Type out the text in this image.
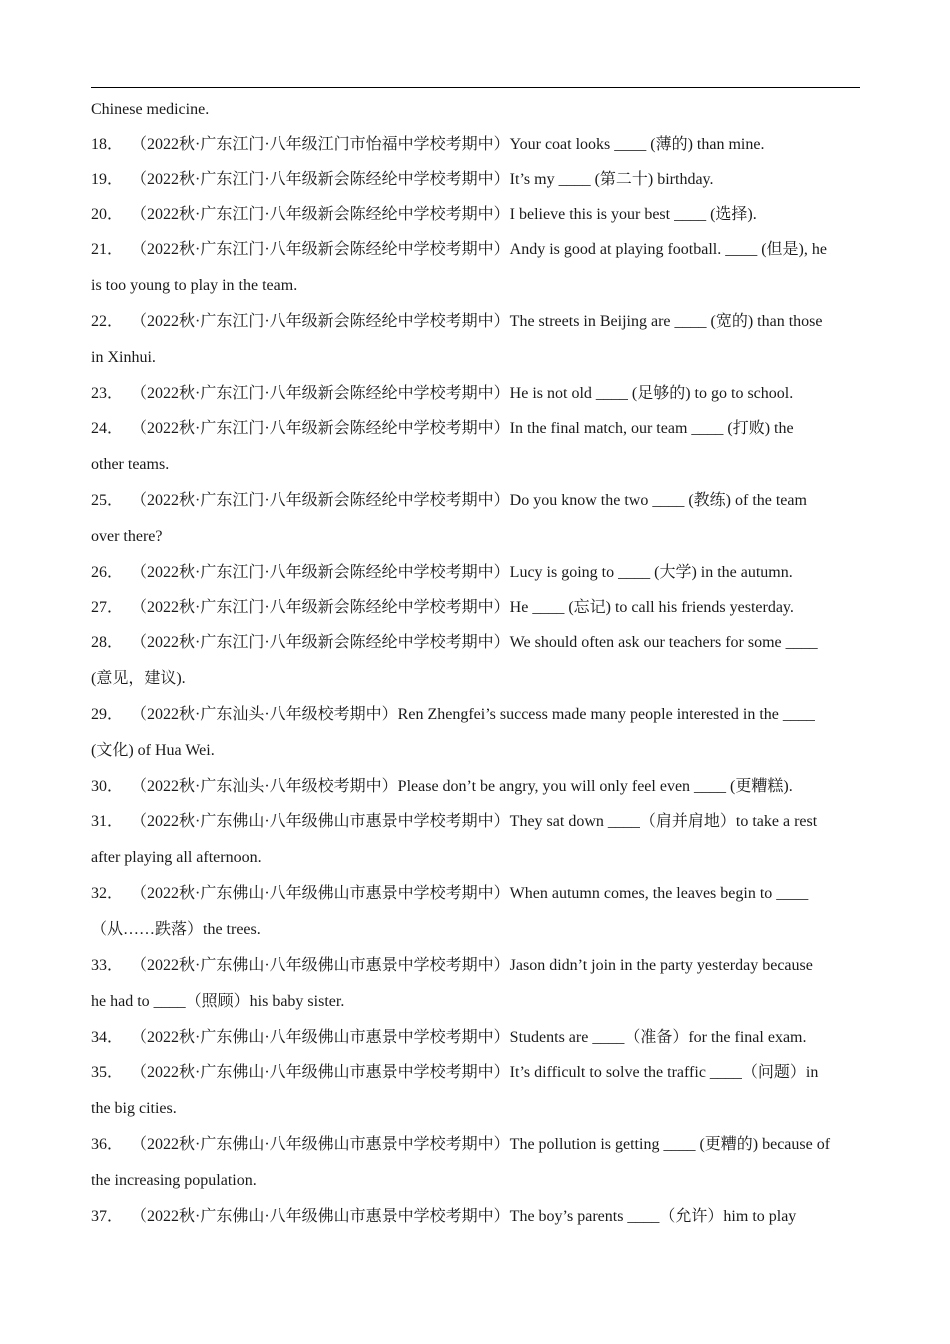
Chinese medicine.
18． （2022秋·广东江门·八年级江门市怡福中学校考期中）Your coat looks ____ (薄的) than mine.
19． （2022秋·广东江门·八年级新会陈经纶中学校考期中）It’s my ____ (第二十) birthday.
20． （2022秋·广东江门·八年级新会陈经纶中学校考期中）I believe this is your best ____ (选择).
21． （2022秋·广东江门·八年级新会陈经纶中学校考期中）Andy is good at playing football. ____ (但是), he
is too young to play in the team.
22． （2022秋·广东江门·八年级新会陈经纶中学校考期中）The streets in Beijing are ____ (宽的) than those
in Xinhui.
23． （2022秋·广东江门·八年级新会陈经纶中学校考期中）He is not old ____ (足够的) to go to school.
24． （2022秋·广东江门·八年级新会陈经纶中学校考期中）In the final match, our team ____ (打败) the
other teams.
25． （2022秋·广东江门·八年级新会陈经纶中学校考期中）Do you know the two ____ (教练) of the team
over there?
26． （2022秋·广东江门·八年级新会陈经纶中学校考期中）Lucy is going to ____ (大学) in the autumn.
27． （2022秋·广东江门·八年级新会陈经纶中学校考期中）He ____ (忘记) to call his friends yesterday.
28． （2022秋·广东江门·八年级新会陈经纶中学校考期中）We should often ask our teachers for some ____
(意见，建议).
29． （2022秋·广东汕头·八年级校考期中）Ren Zhengfei’s success made many people interested in the ____
(文化) of Hua Wei.
30． （2022秋·广东汕头·八年级校考期中）Please don’t be angry, you will only feel even ____ (更糟糕).
31． （2022秋·广东佛山·八年级佛山市惠景中学校考期中）They sat down ____（肩并肩地）to take a rest
after playing all afternoon.
32． （2022秋·广东佛山·八年级佛山市惠景中学校考期中）When autumn comes, the leaves begin to ____
（从……跌落）the trees.
33． （2022秋·广东佛山·八年级佛山市惠景中学校考期中）Jason didn’t join in the party yesterday because
he had to ____（照顾）his baby sister.
34． （2022秋·广东佛山·八年级佛山市惠景中学校考期中）Students are ____（准备）for the final exam.
35． （2022秋·广东佛山·八年级佛山市惠景中学校考期中）It’s difficult to solve the traffic ____（问题）in
the big cities.
36． （2022秋·广东佛山·八年级佛山市惠景中学校考期中）The pollution is getting ____ (更糟的) because of
the increasing population.
37． （2022秋·广东佛山·八年级佛山市惠景中学校考期中）The boy’s parents ____（允许）him to play
